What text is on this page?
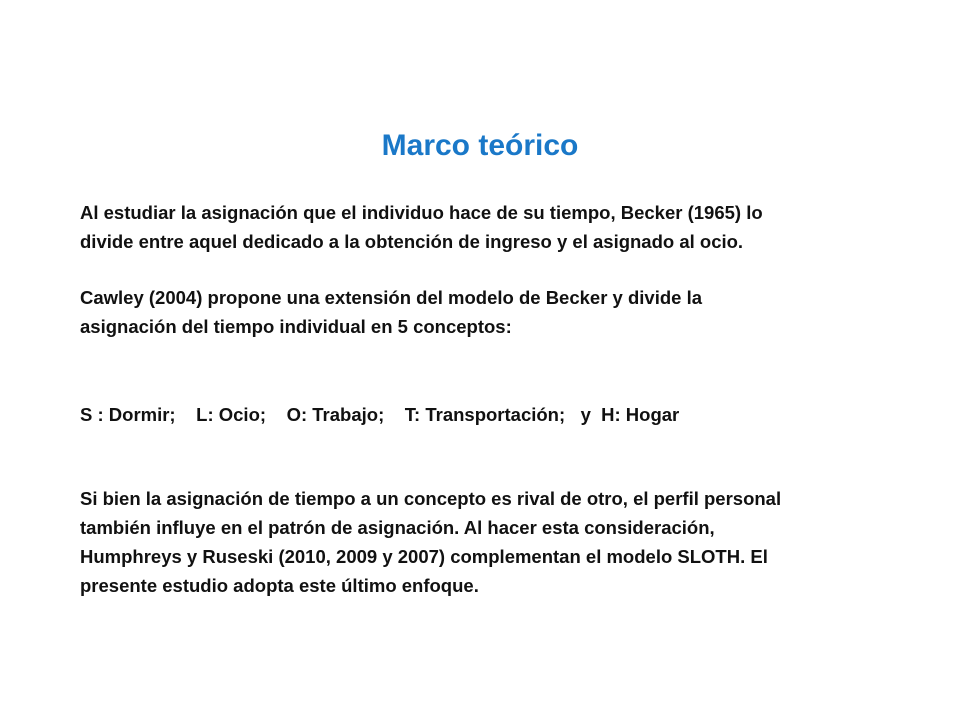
Marco teórico
Al estudiar la asignación que el individuo hace de su tiempo, Becker (1965) lo
divide entre aquel dedicado a la obtención de ingreso y el asignado al ocio.
Cawley (2004) propone una extensión del modelo de Becker y divide la
asignación del tiempo individual en 5 conceptos:
S : Dormir;    L: Ocio;    O: Trabajo;    T: Transportación;   y  H: Hogar
Si bien la asignación de tiempo a un concepto es rival de otro, el perfil personal
también influye en el patrón de asignación. Al hacer esta consideración,
Humphreys y Ruseski (2010, 2009 y 2007) complementan el modelo SLOTH. El
presente estudio adopta este último enfoque.
